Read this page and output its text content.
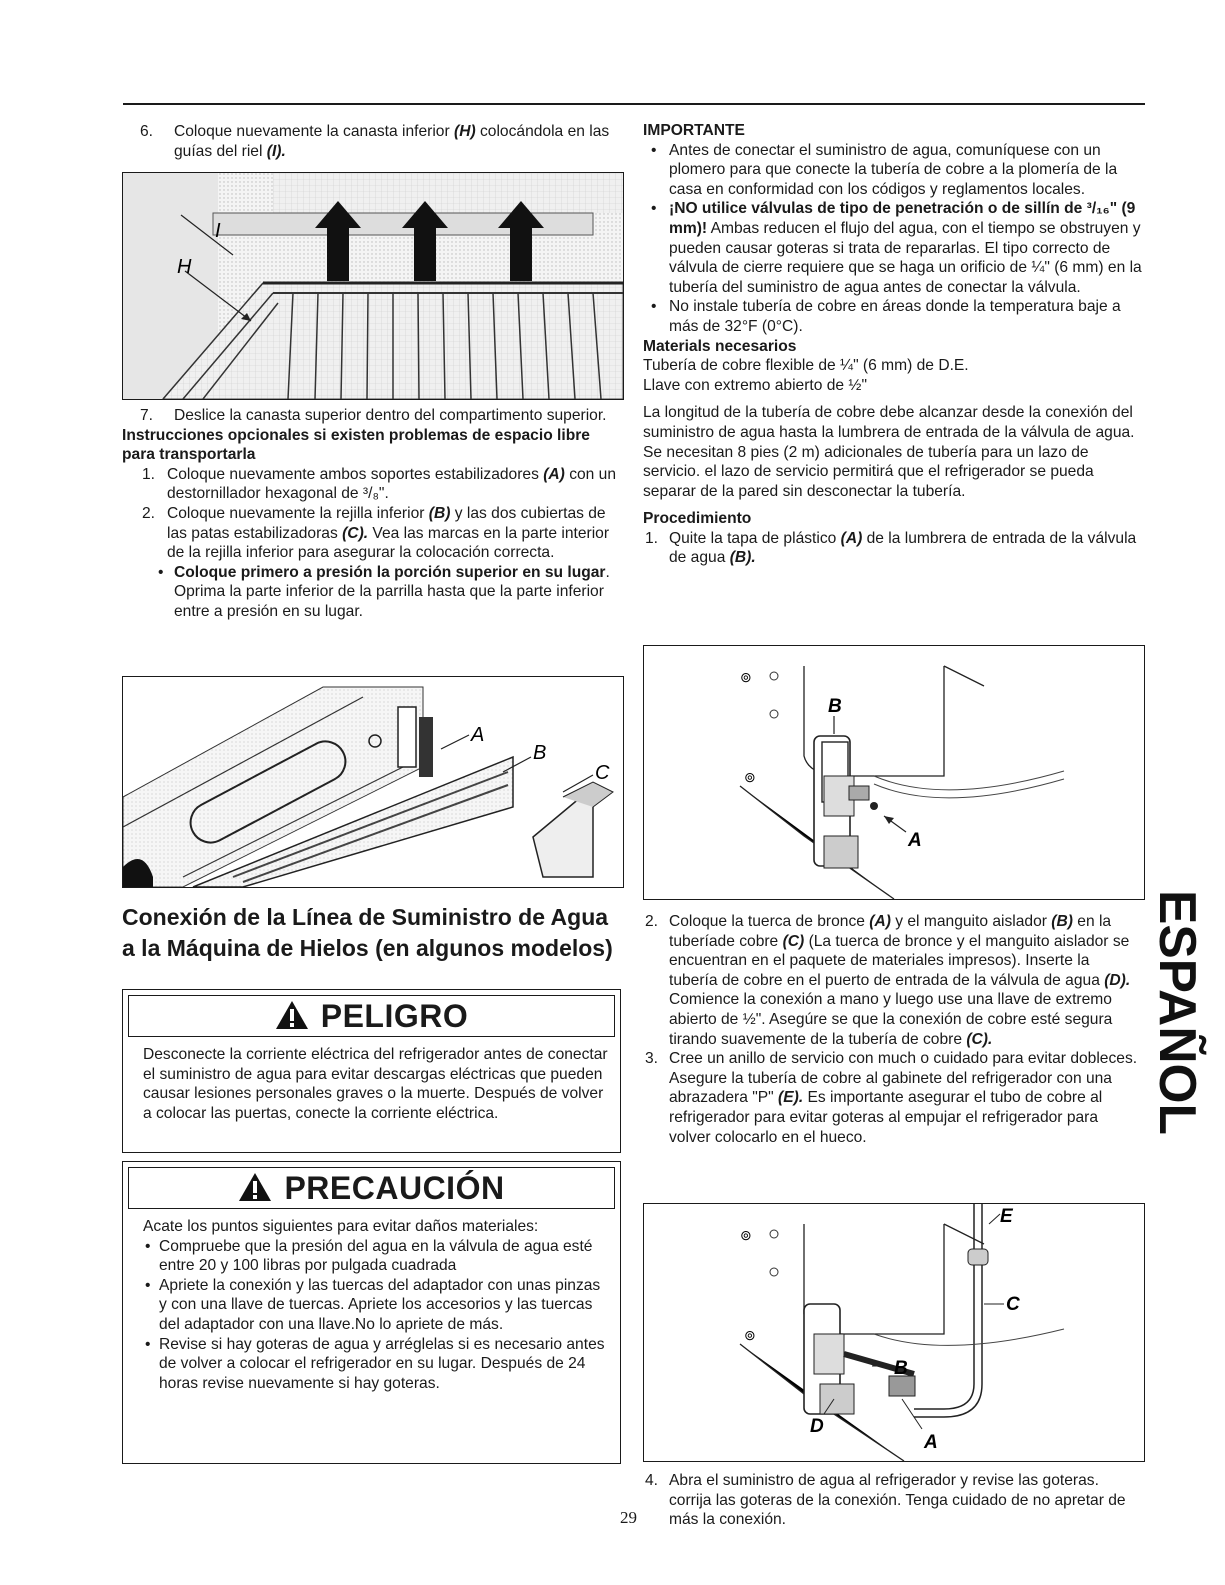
6. Coloque nuevamente la canasta inferior (H) colocándola en las guías del riel (I).
I
H
7. Deslice la canasta superior dentro del compartimento superior.

Instrucciones opcionales si existen problemas de espacio libre para transportarla

1. Coloque nuevamente ambos soportes estabilizadores (A) con un destornillador hexagonal de ³/₈".
2. Coloque nuevamente la rejilla inferior (B) y las dos cubiertas de las patas estabilizadoras (C). Vea las marcas en la parte interior de la rejilla inferior para asegurar la colocación correcta.
• Coloque primero a presión la porción superior en su lugar. Oprima la parte inferior de la parrilla hasta que la parte inferior entre a presión en su lugar.
A
B
C
Conexión de la Línea de Suministro de Agua a la Máquina de Hielos (en algunos modelos)
PELIGRO
Desconecte la corriente eléctrica del refrigerador antes de conectar el suministro de agua para evitar descargas eléctricas que pueden causar lesiones personales graves o la muerte. Después de volver a colocar las puertas, conecte la corriente eléctrica.
PRECAUCIÓN

Acate los puntos siguientes para evitar daños materiales:

• Compruebe que la presión del agua en la válvula de agua esté entre 20 y 100 libras por pulgada cuadrada
• Apriete la conexión y las tuercas del adaptador con unas pinzas y con una llave de tuercas. Apriete los accesorios y las tuercas del adaptador con una llave.No lo apriete de más.
• Revise si hay goteras de agua y arréglelas si es necesario antes de volver a colocar el refrigerador en su lugar. Después de 24 horas revise nuevamente si hay goteras.

IMPORTANTE

• Antes de conectar el suministro de agua, comuníquese con un plomero para que conecte la tubería de cobre a la plomería de la casa en conformidad con los códigos y reglamentos locales.
• ¡NO utilice válvulas de tipo de penetración o de sillín de ³/₁₆" (9 mm)! Ambas reducen el flujo del agua, con el tiempo se obstruyen y pueden causar goteras si trata de repararlas. El tipo correcto de válvula de cierre requiere que se haga un orificio de ¼" (6 mm) en la tubería del suministro de agua antes de conectar la válvula.
• No instale tubería de cobre en áreas donde la temperatura baje a más de 32°F (0°C).

Materials necesarios

Tubería de cobre flexible de ¼" (6 mm) de D.E.

Llave con extremo abierto de ½"

La longitud de la tubería de cobre debe alcanzar desde la conexión del suministro de agua hasta la lumbrera de entrada de la válvula de agua. Se necesitan 8 pies (2 m) adicionales de tubería para un lazo de servicio. el lazo de servicio permitirá que el refrigerador se pueda separar de la pared sin desconectar la tubería.

Procedimiento

1. Quite la tapa de plástico (A) de la lumbrera de entrada de la válvula de agua (B).
⊚
⊚
B
A
2. Coloque la tuerca de bronce (A) y el manguito aislador (B) en la tuberíade cobre (C) (La tuerca de bronce y el manguito aislador se encuentran en el paquete de materiales impresos). Inserte la tubería de cobre en el puerto de entrada de la válvula de agua (D). Comience la conexión a mano y luego use una llave de extremo abierto de ½". Asegúre se que la conexión de cobre esté segura tirando suavemente de la tubería de cobre (C).
3. Cree un anillo de servicio con much o cuidado para evitar dobleces. Asegure la tubería de cobre al gabinete del refrigerador con una abrazadera "P" (E). Es importante asegurar el tubo de cobre al refrigerador para evitar goteras al empujar el refrigerador para volver colocarlo en el hueco.
⊚
⊚
E
C
B
D
A
4. Abra el suministro de agua al refrigerador y revise las goteras. corrija las goteras de la conexión. Tenga cuidado de no apretar de más la conexión.
ESPAÑOL
29
